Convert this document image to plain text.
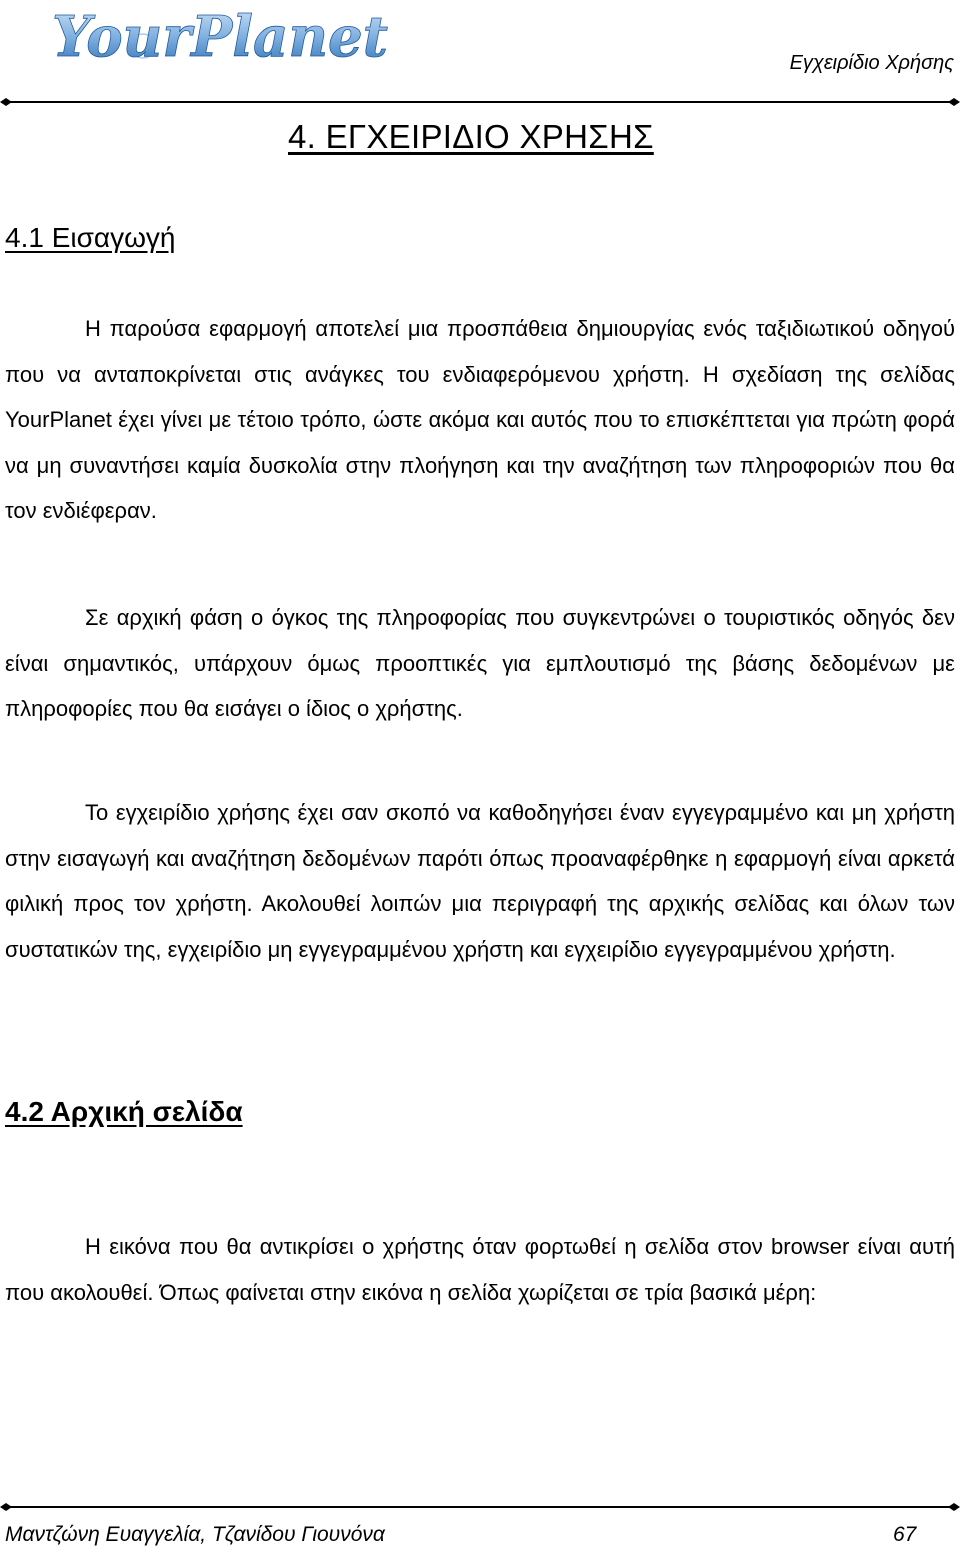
YourPlanet	Εγχειρίδιο Χρήσης
4. ΕΓΧΕΙΡΙΔΙΟ ΧΡΗΣΗΣ
4.1 Εισαγωγή

Η παρούσα εφαρμογή αποτελεί μια προσπάθεια δημιουργίας ενός ταξιδιωτικού οδηγού που να ανταποκρίνεται στις ανάγκες του ενδιαφερόμενου χρήστη. Η σχεδίαση της σελίδας YourPlanet έχει γίνει με τέτοιο τρόπο, ώστε ακόμα και αυτός που το επισκέπτεται για πρώτη φορά να μη συναντήσει καμία δυσκολία στην πλοήγηση και την αναζήτηση των πληροφοριών που θα τον ενδιέφεραν.

Σε αρχική φάση ο όγκος της πληροφορίας που συγκεντρώνει ο τουριστικός οδηγός δεν είναι σημαντικός, υπάρχουν όμως προοπτικές για εμπλουτισμό της βάσης δεδομένων με πληροφορίες που θα εισάγει ο ίδιος ο χρήστης.

Το εγχειρίδιο χρήσης έχει σαν σκοπό να καθοδηγήσει έναν εγγεγραμμένο και μη χρήστη στην εισαγωγή και αναζήτηση δεδομένων παρότι όπως προαναφέρθηκε η εφαρμογή είναι αρκετά φιλική προς τον χρήστη. Ακολουθεί λοιπών μια περιγραφή της αρχικής σελίδας και όλων των συστατικών της, εγχειρίδιο μη εγγεγραμμένου χρήστη και εγχειρίδιο εγγεγραμμένου χρήστη.

4.2 Αρχική σελίδα

Η εικόνα που θα αντικρίσει ο χρήστης όταν φορτωθεί η σελίδα στον browser είναι αυτή που ακολουθεί. Όπως φαίνεται στην εικόνα η σελίδα χωρίζεται σε τρία βασικά μέρη:

Μαντζώνη Ευαγγελία, Τζανίδου Γιουνόνα	67
